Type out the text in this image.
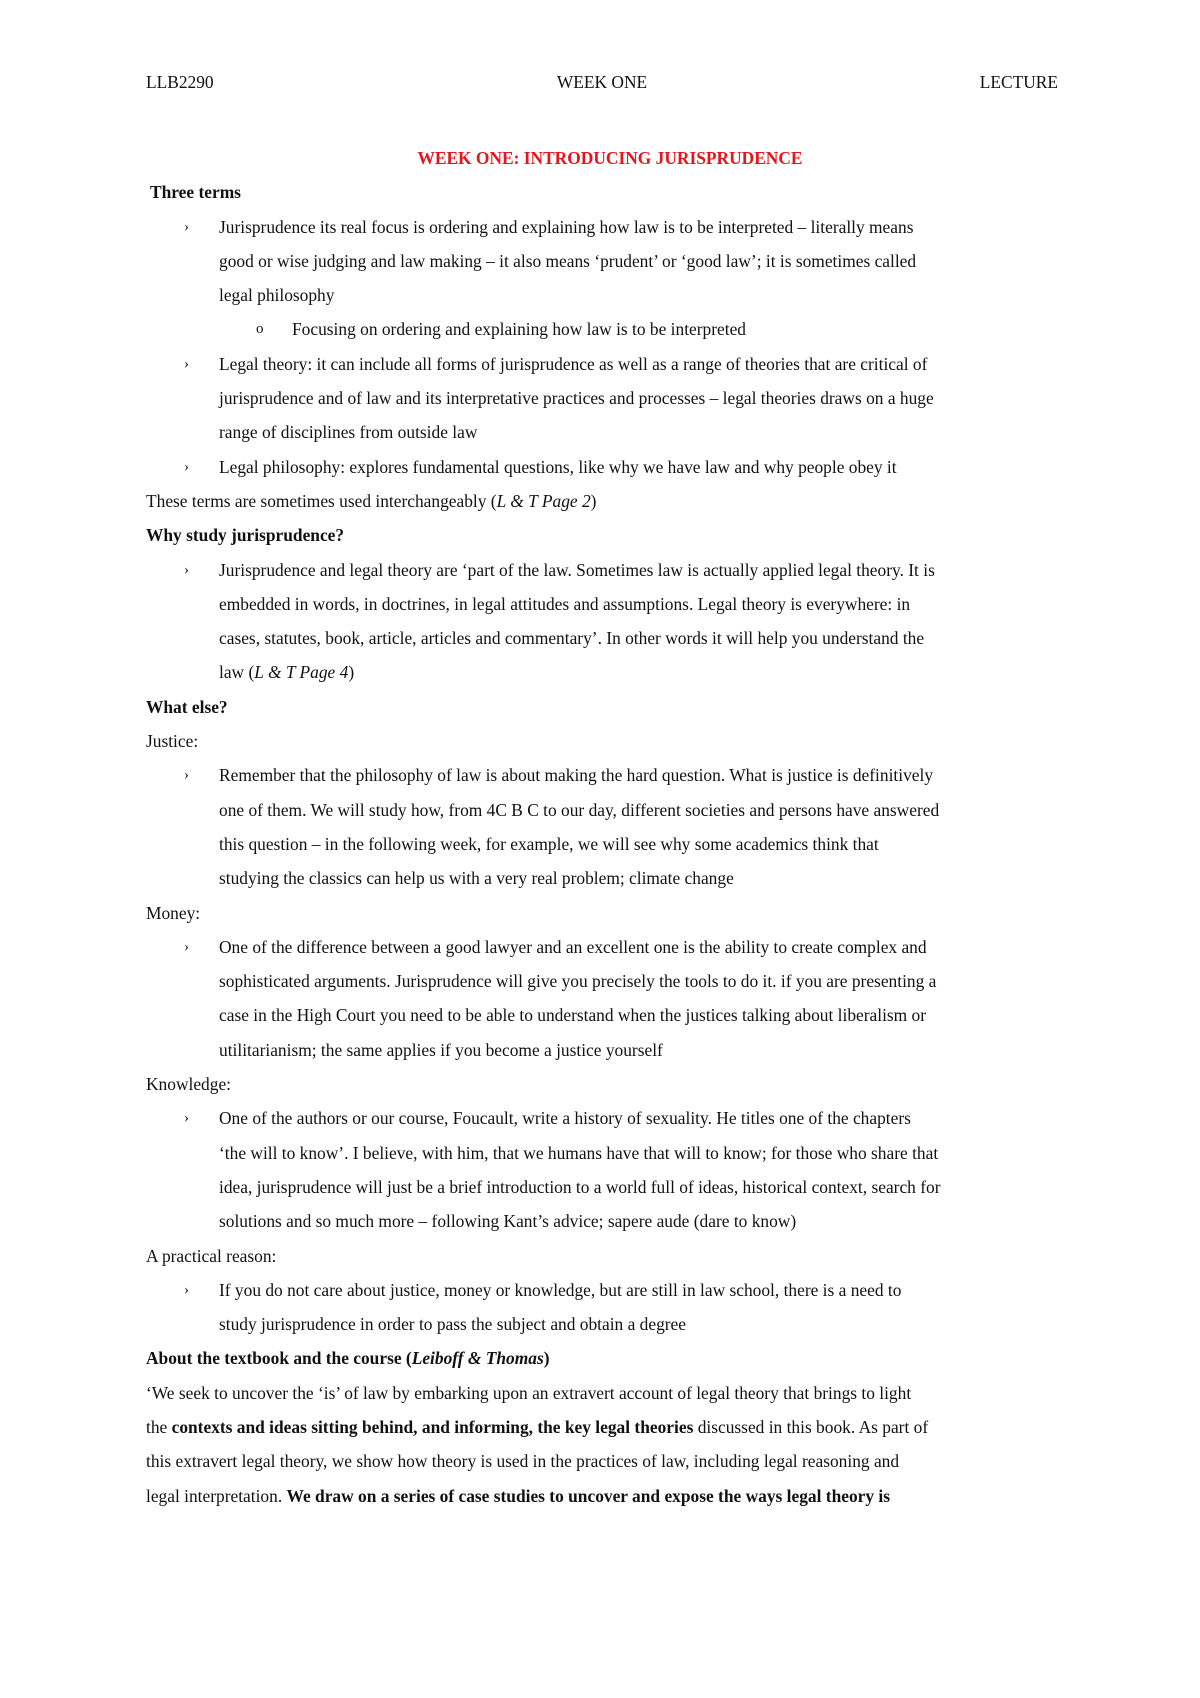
LLB2290	WEEK ONE	LECTURE
WEEK ONE: INTRODUCING JURISPRUDENCE
Three terms
› Jurisprudence its real focus is ordering and explaining how law is to be interpreted – literally means
good or wise judging and law making – it also means ‘prudent’ or ‘good law’; it is sometimes called
legal philosophy
o Focusing on ordering and explaining how law is to be interpreted
› Legal theory: it can include all forms of jurisprudence as well as a range of theories that are critical of
jurisprudence and of law and its interpretative practices and processes – legal theories draws on a huge
range of disciplines from outside law
› Legal philosophy: explores fundamental questions, like why we have law and why people obey it
These terms are sometimes used interchangeably (L & T Page 2)
Why study jurisprudence?
› Jurisprudence and legal theory are ‘part of the law. Sometimes law is actually applied legal theory. It is
embedded in words, in doctrines, in legal attitudes and assumptions. Legal theory is everywhere: in
cases, statutes, book, article, articles and commentary’. In other words it will help you understand the
law (L & T Page 4)
What else?
Justice:
› Remember that the philosophy of law is about making the hard question. What is justice is definitively
one of them. We will study how, from 4C B C to our day, different societies and persons have answered
this question – in the following week, for example, we will see why some academics think that
studying the classics can help us with a very real problem; climate change
Money:
› One of the difference between a good lawyer and an excellent one is the ability to create complex and
sophisticated arguments. Jurisprudence will give you precisely the tools to do it. if you are presenting a
case in the High Court you need to be able to understand when the justices talking about liberalism or
utilitarianism; the same applies if you become a justice yourself
Knowledge:
› One of the authors or our course, Foucault, write a history of sexuality. He titles one of the chapters
‘the will to know’. I believe, with him, that we humans have that will to know; for those who share that
idea, jurisprudence will just be a brief introduction to a world full of ideas, historical context, search for
solutions and so much more – following Kant’s advice; sapere aude (dare to know)
A practical reason:
› If you do not care about justice, money or knowledge, but are still in law school, there is a need to
study jurisprudence in order to pass the subject and obtain a degree
About the textbook and the course (Leiboff & Thomas)
‘We seek to uncover the ‘is’ of law by embarking upon an extravert account of legal theory that brings to light
the contexts and ideas sitting behind, and informing, the key legal theories discussed in this book. As part of
this extravert legal theory, we show how theory is used in the practices of law, including legal reasoning and
legal interpretation. We draw on a series of case studies to uncover and expose the ways legal theory is
